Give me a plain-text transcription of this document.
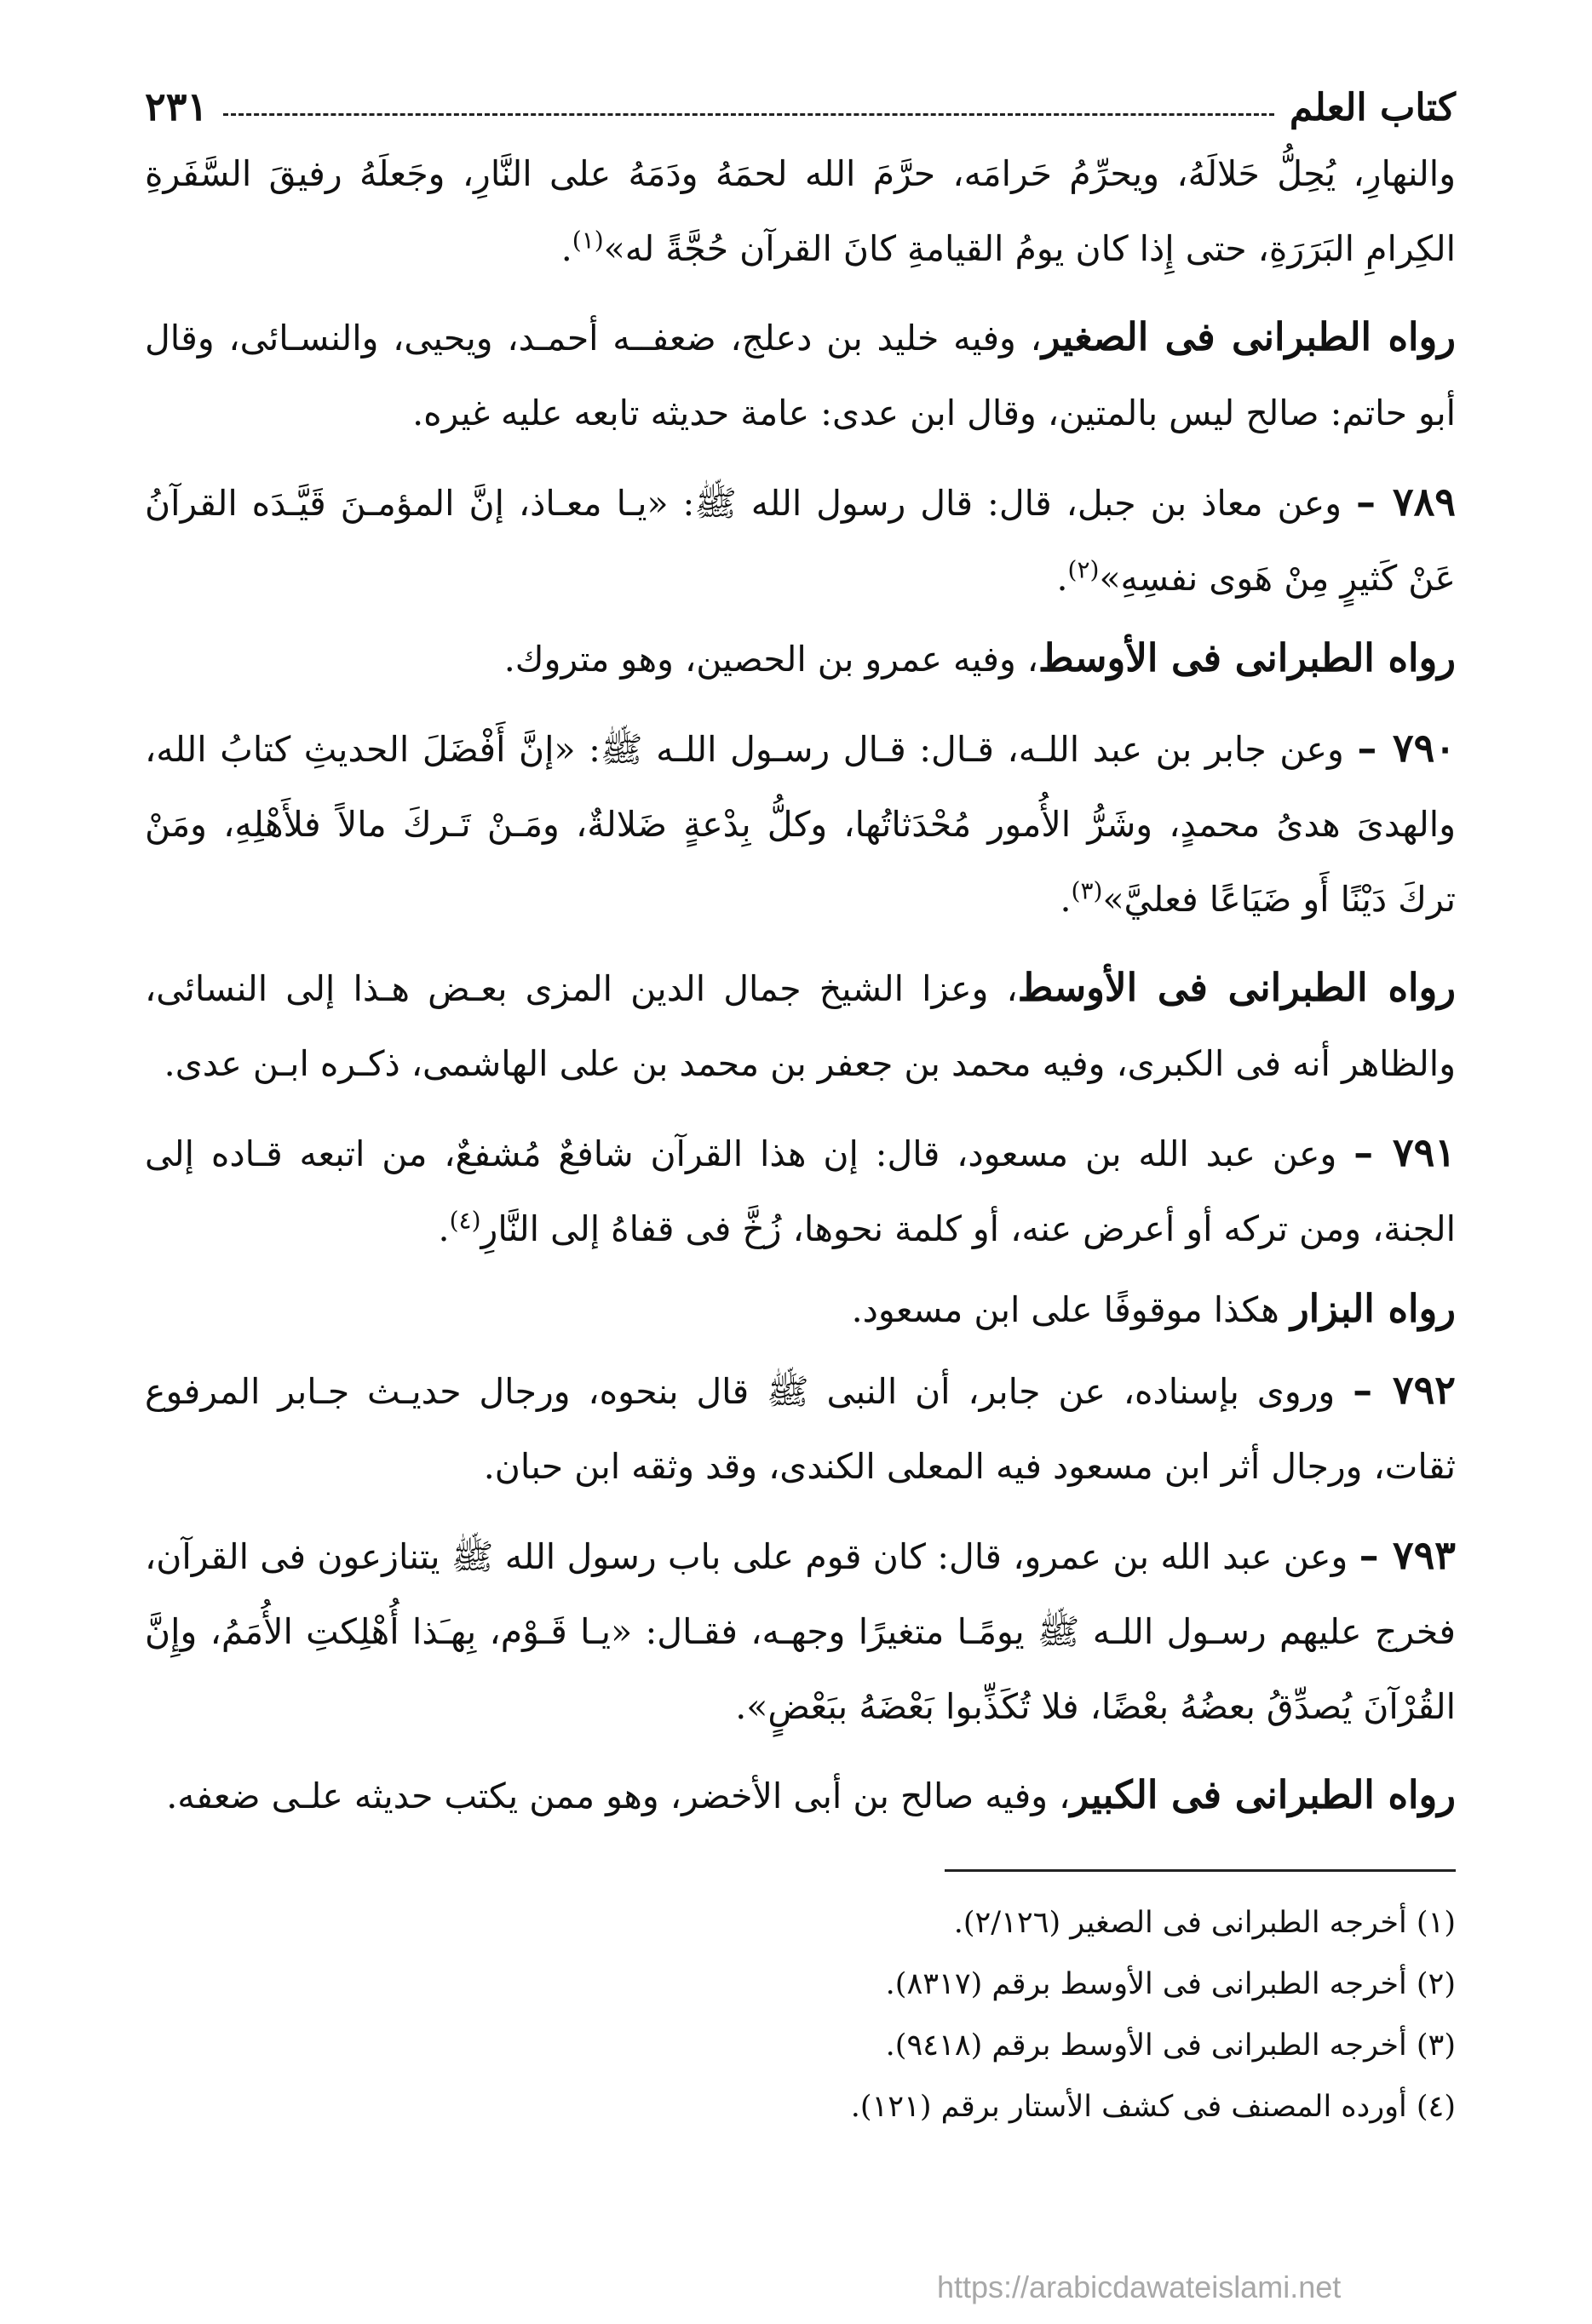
كتاب العلم
٢٣١

والنهارِ، يُحِلُّ حَلالَهُ، ويحرِّمُ حَرامَه، حرَّمَ الله لحمَهُ ودَمَهُ على النَّارِ، وجَعلَهُ رفيقَ السَّفَرةِ الكِرامِ البَرَرَةِ، حتى إِذا كان يومُ القيامةِ كانَ القرآن حُجَّةً له»$^{(١)}$.

رواه الطبرانى فى الصغير، وفيه خليد بن دعلج، ضعفــه أحمـد، ويحيى، والنسـائى، وقال أبو حاتم: صالح ليس بالمتين، وقال ابن عدى: عامة حديثه تابعه عليه غيره.

٧٨٩ – وعن معاذ بن جبل، قال: قال رسول الله ﷺ: «يـا معـاذ، إنَّ المؤمـنَ قَيَّـدَه القرآنُ عَنْ كَثيرٍ مِنْ هَوى نفسِهِ»$^{(٢)}$.

رواه الطبرانى فى الأوسط، وفيه عمرو بن الحصين، وهو متروك.

٧٩٠ – وعن جابر بن عبد اللـه، قـال: قـال رسـول اللـه ﷺ: «إنَّ أَفْضَلَ الحديثِ كتابُ الله، والهدىَ هدىُ محمدٍ، وشَرُّ الأُمور مُحْدَثاتُها، وكلُّ بِدْعةٍ ضَلالةٌ، ومَـنْ تَـركَ مالاً فلأَهْلِهِ، ومَنْ تركَ دَيْنًا أَو ضَيَاعًا فعليَّ»$^{(٣)}$.

رواه الطبرانى فى الأوسط، وعزا الشيخ جمال الدين المزى بعـض هـذا إلى النسائى، والظاهر أنه فى الكبرى، وفيه محمد بن جعفر بن محمد بن على الهاشمى، ذكـره ابـن عدى.

٧٩١ – وعن عبد الله بن مسعود، قال: إن هذا القرآن شافعٌ مُشفعٌ، من اتبعه قـاده إلى الجنة، ومن تركه أو أعرض عنه، أو كلمة نحوها، زُخَّ فى قفاهُ إلى النَّارِ$^{(٤)}$.

رواه البزار هكذا موقوفًا على ابن مسعود.

٧٩٢ – وروى بإسناده، عن جابر، أن النبى ﷺ قال بنحوه، ورجال حديـث جـابر المرفوع ثقات، ورجال أثر ابن مسعود فيه المعلى الكندى، وقد وثقه ابن حبان.

٧٩٣ – وعن عبد الله بن عمرو، قال: كان قوم على باب رسول الله ﷺ يتنازعون فى القرآن، فخرج عليهم رسـول اللـه ﷺ يومًـا متغيرًا وجهـه، فقـال: «يـا قَـوْم، بِهـَذا أُهْلِكتِ الأُمَمُ، وإِنَّ القُرْآنَ يُصدِّقُ بعضُهُ بعْضًا، فلا تُكَذِّبوا بَعْضَهُ ببَعْضٍ».

رواه الطبرانى فى الكبير، وفيه صالح بن أبى الأخضر، وهو ممن يكتب حديثه علـى ضعفه.

(١) أخرجه الطبرانى فى الصغير (٢/١٢٦).

(٢) أخرجه الطبرانى فى الأوسط برقم (٨٣١٧).

(٣) أخرجه الطبرانى فى الأوسط برقم (٩٤١٨).

(٤) أورده المصنف فى كشف الأستار برقم (١٢١).

https://arabicdawateislami.net
